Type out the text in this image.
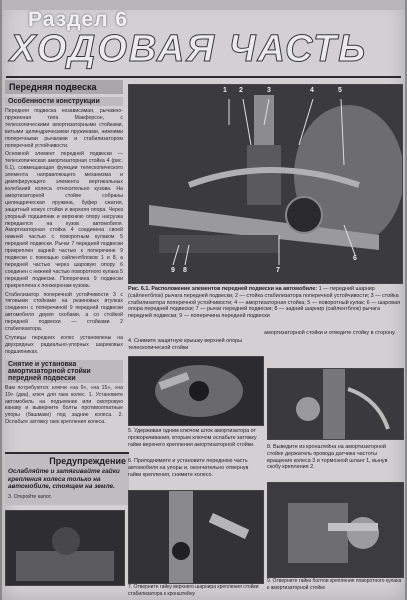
Раздел 6
ХОДОВАЯ ЧАСТЬ
Передняя подвеска
Особенности конструкции

Передняя подвеска независимая, рычажно-пружинная типа Макферсон, с телескопическими амортизаторными стойками, витыми цилиндрическими пружинами, нижними поперечными рычагами и стабилизатором поперечной устойчивости.

Основной элемент передней подвески — телескопическая амортизаторная стойка 4 (рис. 6.1), совмещающая функции телескопического элемента направляющего механизма и демпфирующего элемента вертикальных колебаний колеса относительно кузова. На амортизаторной стойке собраны цилиндрическая пружина, буфер сжатия, защитный кожух стойки и верхняя опора. Через упорный подшипник и верхнюю опору нагрузка передается на кузов автомобиля. Амортизаторная стойка 4 соединена своей нижней частью с поворотным кулаком 5 передней подвески. Рычаг 7 передней подвески прикреплен задней частью к поперечине 9 подвески с помощью сайлентблоков 1 и 8, а передней частью через шаровую опору 6 соединен с нижней частью поворотного кулака 5 передней подвески. Поперечина 9 подвески прикреплена к лонжеронам кузова.

Стабилизатор поперечной устойчивости 3 с тяговыми стойками на резиновых втулках соединен с поперечиной 9 передней подвески автомобиля двумя скобами, а со стойкой передней подвески — стойками 2 стабилизатора.

Ступицы передних колес установлены на двухрядных радиально-упорных шариковых подшипниках.

Снятие и установка амортизаторной стойки передней подвески

Вам потребуются: ключи «на 9», «на 15», «на 19» (два), ключ для гаек колес. 1. Установите автомобиль на подъемник или смотровую канаву и выверните болты противооткатные упоры (башмаки) под задние колеса. 2. Ослабьте затяжку гаек крепления колеса.

Предупреждение
Ослабляйте и затягивайте гайки крепления колеса только на автомобиле, стоящем на земле.
3. Откройте капот.
1 2	3	4	5
6
7
8
9
Рис. 6.1. Расположение элементов передней подвески на автомобиле: 1 — передний шарнир (сайлентблок) рычага передней подвески; 2 — стойка стабилизатора поперечной устойчивости; 3 — стойка стабилизатора поперечной устойчивости; 4 — амортизаторная стойка; 5 — поворотный кулак; 6 — шаровая опора передней подвески; 7 — рычаг передней подвески; 8 — задний шарнир (сайлентблок) рычага передней подвески; 9 — поперечина передней подвески
4. Снимите защитную крышку верхней опоры телескопической стойки
амортизаторной стойки и отведите стойку в сторону.
5. Удерживая одним ключом шток амортизатора от проворачивания, вторым ключом ослабьте затяжку гайки верхнего крепления амортизаторной стойки.
6. Приподнимите и установите переднюю часть автомобиля на упоры и, окончательно отвернув гайки крепления, снимите колесо.
8. Выведите из кронштейна на амортизаторной стойке держатель провода датчика частоты вращения колеса 3 и тормозной шланг 1, вынув скобу крепления 2.
7. Отверните гайку верхнего шарнира крепления стойки стабилизатора к кронштейну
9. Отверните гайки болтов крепления поворотного кулака к амортизаторной стойке
